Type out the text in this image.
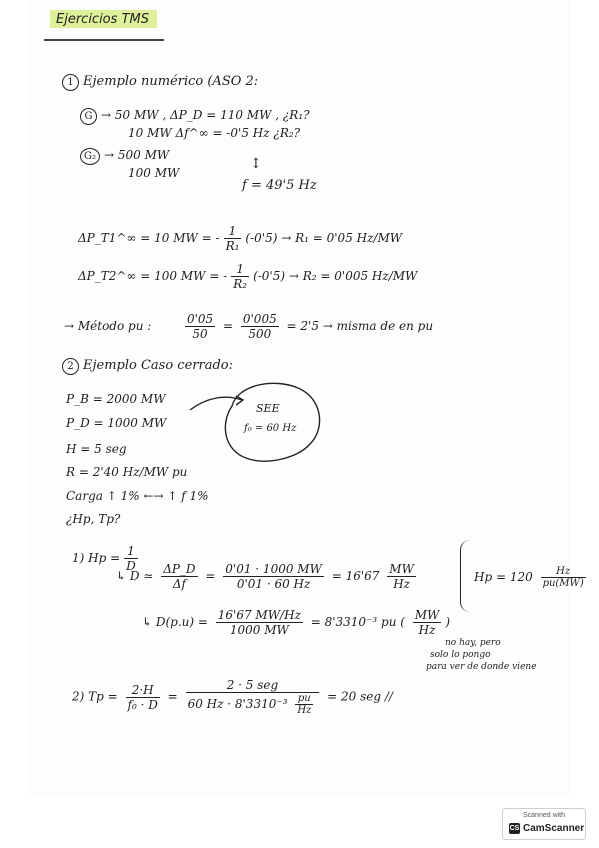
Ejercicios TMS
1 Ejemplo numérico (ASO 2:
G → 50 MW , ΔP_D = 110 MW , ¿R₁?
10 MW Δf^∞ = -0'5 Hz ¿R₂?
G₂ → 500 MW
100 MW
↕
f = 49'5 Hz
ΔP_T1^∞ = 10 MW = - $\frac{1}{\text{R₁}} (-0'5) \to R_1 = 0'05$ Hz/MW
ΔP_T2^∞ = 100 MW = - $\frac{1}{\text{R₂}} (-0'5) \to R_2 = 0'005$ Hz/MW
→ Método pu :	$\frac{0'05}{50} = \frac{0'005}{500} = 2'5$ → misma de en pu
2 Ejemplo Caso cerrado:
P_B = 2000 MW
P_D = 1000 MW
H = 5 seg
R = 2'40 Hz/MW pu
Carga ↑ 1% ←→ ↑ f 1%
¿Hp, Tp?
SEE
f₀ = 60 Hz
1) $Hp = \frac{1}{D}$
↳ D ≃ $\frac{\Delta P\_D}{\Delta f} = \frac{0'01 \cdot 1000 MW}{0'01 \cdot 60 Hz} = 16'67 \frac{MW}{Hz}$	$Hp = 120 \frac{Hz}{pu(MW)}$
↳ $D(p.u) = \frac{16'67 MW/Hz}{1000 MW} = 8'3310^{-3}$ pu ( $\frac{MW}{Hz}$ )
no hay, pero
solo lo pongo
para ver de donde viene
2) $Tp = \frac{2\cdot H}{\text{f₀ · D}} = \frac{\text{2 · 5 seg}}{60 Hz \cdot 8'3310^{-3} \frac{pu}{Hz}} = 20$ seg //
Scanned with
CS CamScanner
